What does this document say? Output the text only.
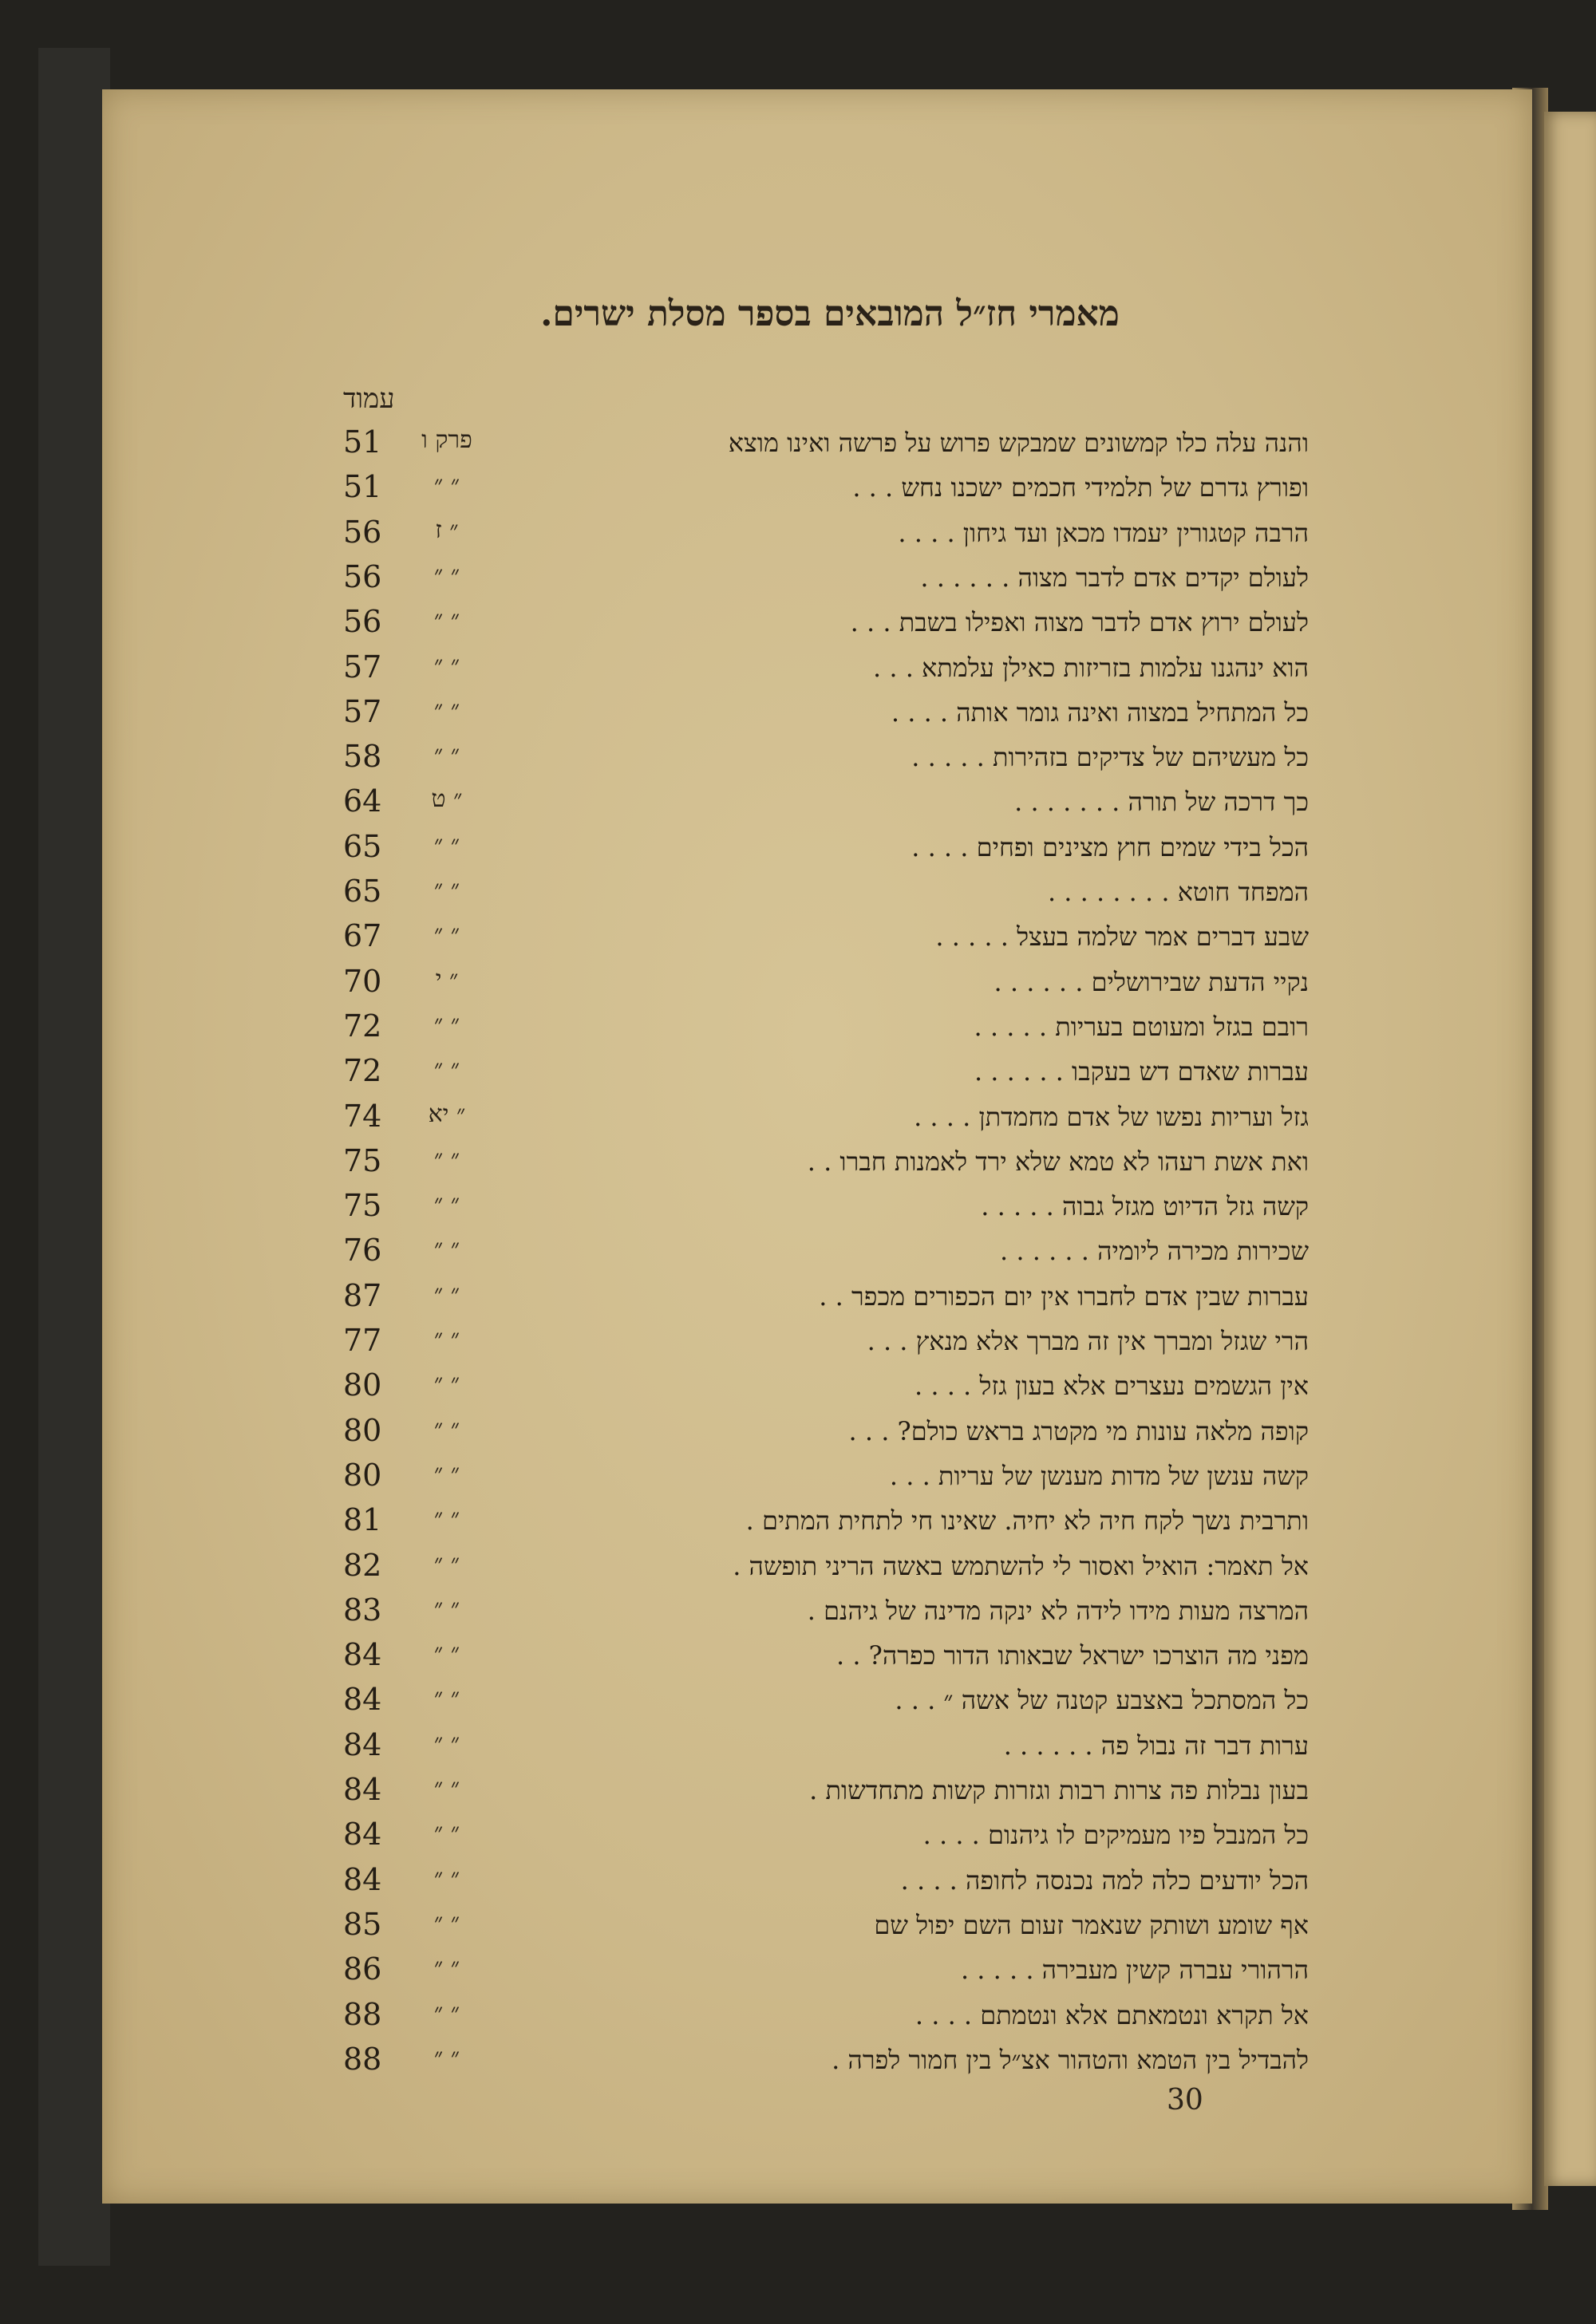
מאמרי חז״ל המובאים בספר מסלת ישרים.
עמוד
51	פרק ו	והנה עלה כלו קמשונים שמבקש פרוש על פרשה ואינו מוצא
51	״ ״	ופורץ גדרם של תלמידי חכמים ישכנו נחש . . .
56	״ ז	הרבה קטגורין יעמדו מכאן ועד גיחון . . . .
56	״ ״	לעולם יקדים אדם לדבר מצוה . . . . . .
56	״ ״	לעולם ירוץ אדם לדבר מצוה ואפילו בשבת . . .
57	״ ״	הוא ינהגנו עלמות בזריזות כאילן עלמתא . . .
57	״ ״	כל המתחיל במצוה ואינה גומר אותה . . . .
58	״ ״	כל מעשיהם של צדיקים בזהירות . . . . .
64	״ ט	כך דרכה של תורה . . . . . . .
65	״ ״	הכל בידי שמים חוץ מצינים ופחים . . . .
65	״ ״	המפחד חוטא . . . . . . . .
67	״ ״	שבע דברים אמר שלמה בעצל . . . . .
70	״ י	נקיי הדעת שבירושלים . . . . . .
72	״ ״	רובם בגזל ומעוטם בעריות . . . . .
72	״ ״	עברות שאדם דש בעקבו . . . . . .
74	״ יא	גזל ועריות נפשו של אדם מחמדתן . . . .
75	״ ״	ואת אשת רעהו לא טמא שלא ירד לאמנות חברו . .
75	״ ״	קשה גזל הדיוט מגזל גבוה . . . . .
76	״ ״	שכירות מכירה ליומיה . . . . . .
87	״ ״	עברות שבין אדם לחברו אין יום הכפורים מכפר . .
77	״ ״	הרי שגזל ומברך אין זה מברך אלא מנאץ . . .
80	״ ״	אין הגשמים נעצרים אלא בעון גזל . . . .
80	״ ״	קופה מלאה עונות מי מקטרג בראש כולם? . . .
80	״ ״	קשה ענשן של מדות מענשן של עריות . . .
81	״ ״	ותרבית נשך לקח חיה לא יחיה. שאינו חי לתחית המתים .
82	״ ״	אל תאמר: הואיל ואסור לי להשתמש באשה הריני תופשה .
83	״ ״	המרצה מעות מידו לידה לא ינקה מדינה של גיהנם .
84	״ ״	מפני מה הוצרכו ישראל שבאותו הדור כפרה? . .
84	״ ״	כל המסתכל באצבע קטנה של אשה ״ . . .
84	״ ״	ערות דבר זה נבול פה . . . . . .
84	״ ״	בעון נבלות פה צרות רבות וגזרות קשות מתחדשות .
84	״ ״	כל המנבל פיו מעמיקים לו גיהנום . . . .
84	״ ״	הכל יודעים כלה למה נכנסה לחופה . . . .
85	״ ״	אף שומע ושותק שנאמר זעום השם יפול שם
86	״ ״	הרהורי עברה קשין מעבירה . . . . .
88	״ ״	אל תקרא ונטמאתם אלא ונטמתם . . . .
88	״ ״	להבדיל בין הטמא והטהור אצ״ל בין חמור לפרה .
30
